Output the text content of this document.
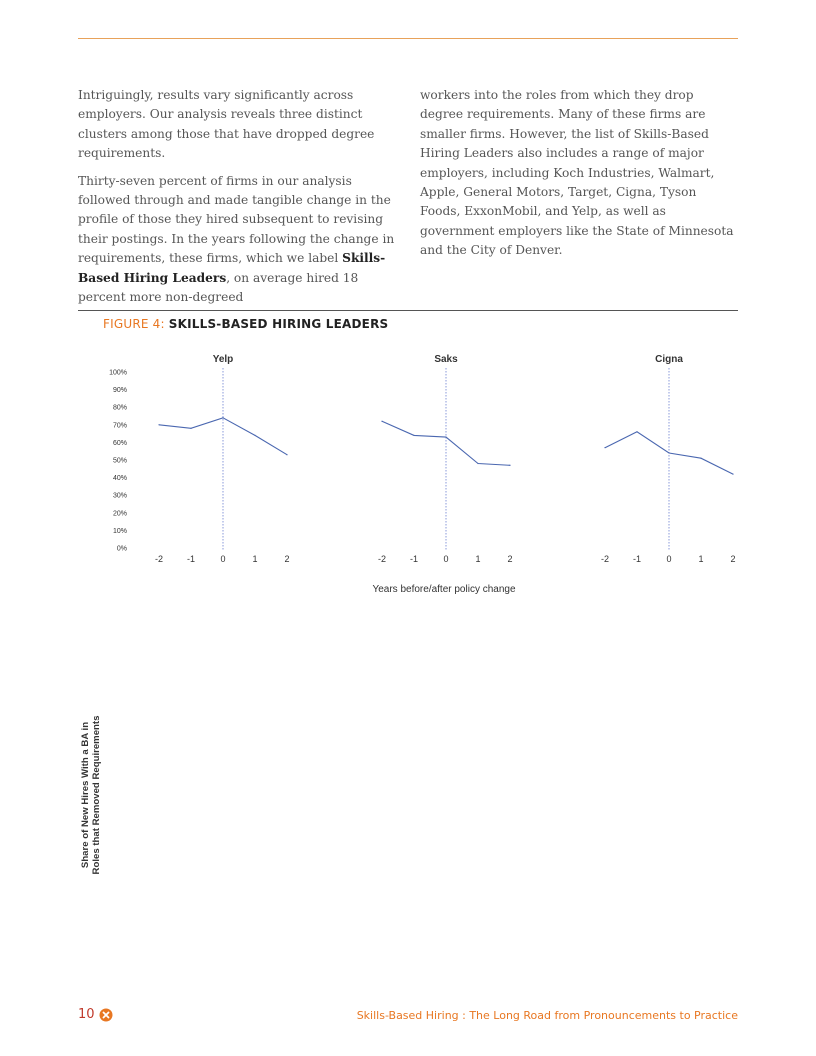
Intriguingly, results vary significantly across employers. Our analysis reveals three distinct clusters among those that have dropped degree requirements.

Thirty-seven percent of firms in our analysis followed through and made tangible change in the profile of those they hired subsequent to revising their postings. In the years following the change in requirements, these firms, which we label Skills-Based Hiring Leaders, on average hired 18 percent more non-degreed

workers into the roles from which they drop degree requirements. Many of these firms are smaller firms. However, the list of Skills-Based Hiring Leaders also includes a range of major employers, including Koch Industries, Walmart, Apple, General Motors, Target, Cigna, Tyson Foods, ExxonMobil, and Yelp, as well as government employers like the State of Minnesota and the City of Denver.

FIGURE 4: SKILLS-BASED HIRING LEADERS
Yelp
-2	-1	0	1	2
Saks
-2	-1	0	1	2
Cigna
-2	-1	0	1	2
0%
10%
20%
30%
40%
50%
60%
70%
80%
90%
100%
Share of New Hires With a BA in Roles that Removed Requirements
Years before/after policy change
10	Skills-Based Hiring : The Long Road from Pronouncements to Practice
